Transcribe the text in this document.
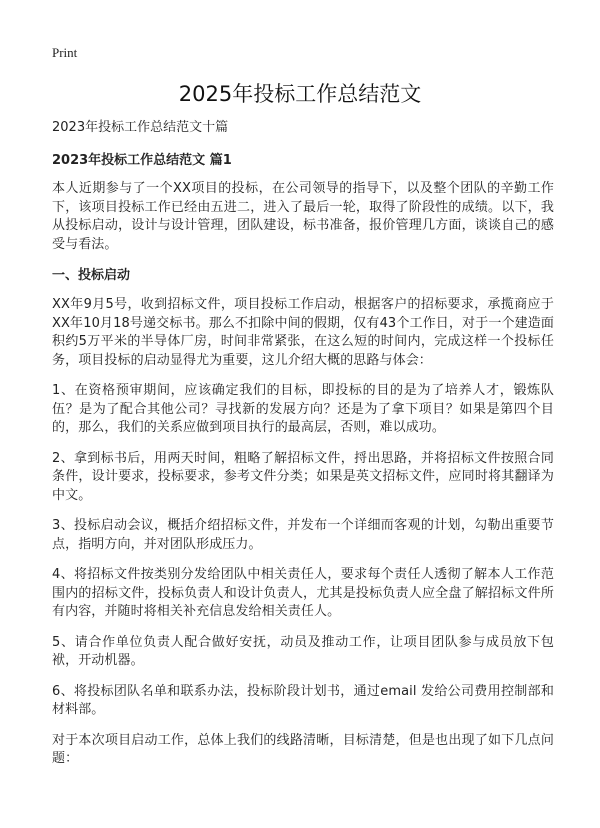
Print
2025年投标工作总结范文

2023年投标工作总结范文十篇

2023年投标工作总结范文 篇1

本人近期参与了一个XX项目的投标，在公司领导的指导下，以及整个团队的辛勤工作下，该项目投标工作已经由五进二，进入了最后一轮，取得了阶段性的成绩。以下，我从投标启动，设计与设计管理，团队建设，标书准备，报价管理几方面，谈谈自己的感受与看法。

一、投标启动

XX年9月5号，收到招标文件，项目投标工作启动，根据客户的招标要求，承揽商应于XX年10月18号递交标书。那么不扣除中间的假期，仅有43个工作日，对于一个建造面积约5万平米的半导体厂房，时间非常紧张，在这么短的时间内，完成这样一个投标任务，项目投标的启动显得尤为重要，这儿介绍大概的思路与体会：

1、在资格预审期间，应该确定我们的目标，即投标的目的是为了培养人才，锻炼队伍？是为了配合其他公司？寻找新的发展方向？还是为了拿下项目？如果是第四个目的，那么，我们的关系应做到项目执行的最高层，否则，难以成功。

2、拿到标书后，用两天时间，粗略了解招标文件，捋出思路，并将招标文件按照合同条件，设计要求，投标要求，参考文件分类；如果是英文招标文件，应同时将其翻译为中文。

3、投标启动会议，概括介绍招标文件，并发布一个详细而客观的计划，勾勒出重要节点，指明方向，并对团队形成压力。

4、将招标文件按类别分发给团队中相关责任人，要求每个责任人透彻了解本人工作范围内的招标文件，投标负责人和设计负责人，尤其是投标负责人应全盘了解招标文件所有内容，并随时将相关补充信息发给相关责任人。

5、请合作单位负责人配合做好安抚，动员及推动工作，让项目团队参与成员放下包袱，开动机器。

6、将投标团队名单和联系办法，投标阶段计划书，通过email 发给公司费用控制部和材料部。

对于本次项目启动工作，总体上我们的线路清晰，目标清楚，但是也出现了如下几点问题：
